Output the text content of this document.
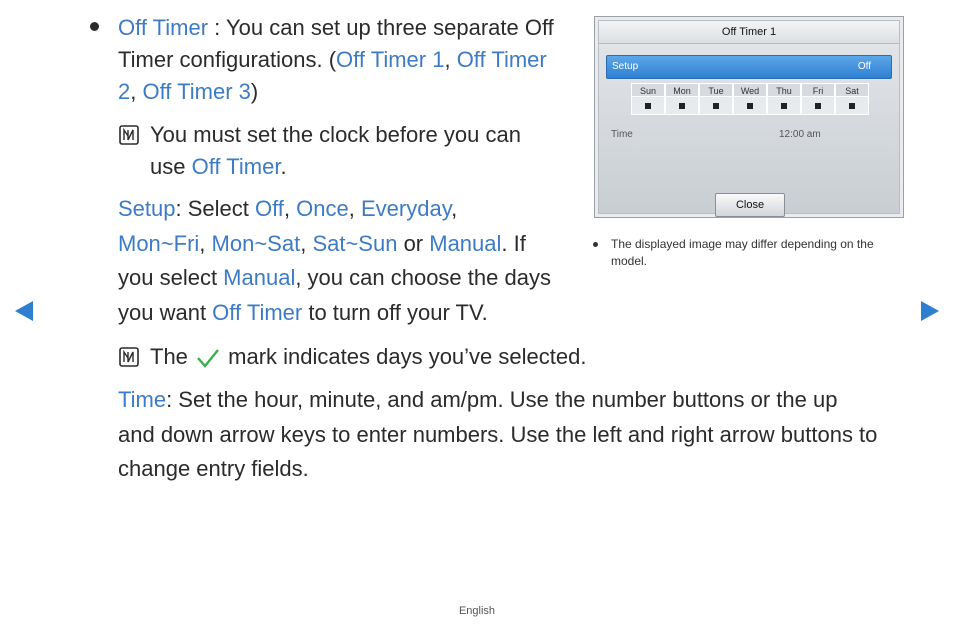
Off Timer : You can set up three separate Off
Timer configurations. (Off Timer 1, Off Timer
2, Off Timer 3)
You must set the clock before you can
use Off Timer.
Setup: Select Off, Once, Everyday,
Mon~Fri, Mon~Sat, Sat~Sun or Manual. If
you select Manual, you can choose the days
you want Off Timer to turn off your TV.
The mark indicates days you’ve selected.
Time: Set the hour, minute, and am/pm. Use the number buttons or the up
and down arrow keys to enter numbers. Use the left and right arrow buttons to
change entry fields.
Off Timer 1
Setup	Off
Sun	Mon	Tue	Wed	Thu	Fri	Sat
Time	12:00 am
Close
The displayed image may differ depending on the model.
English
